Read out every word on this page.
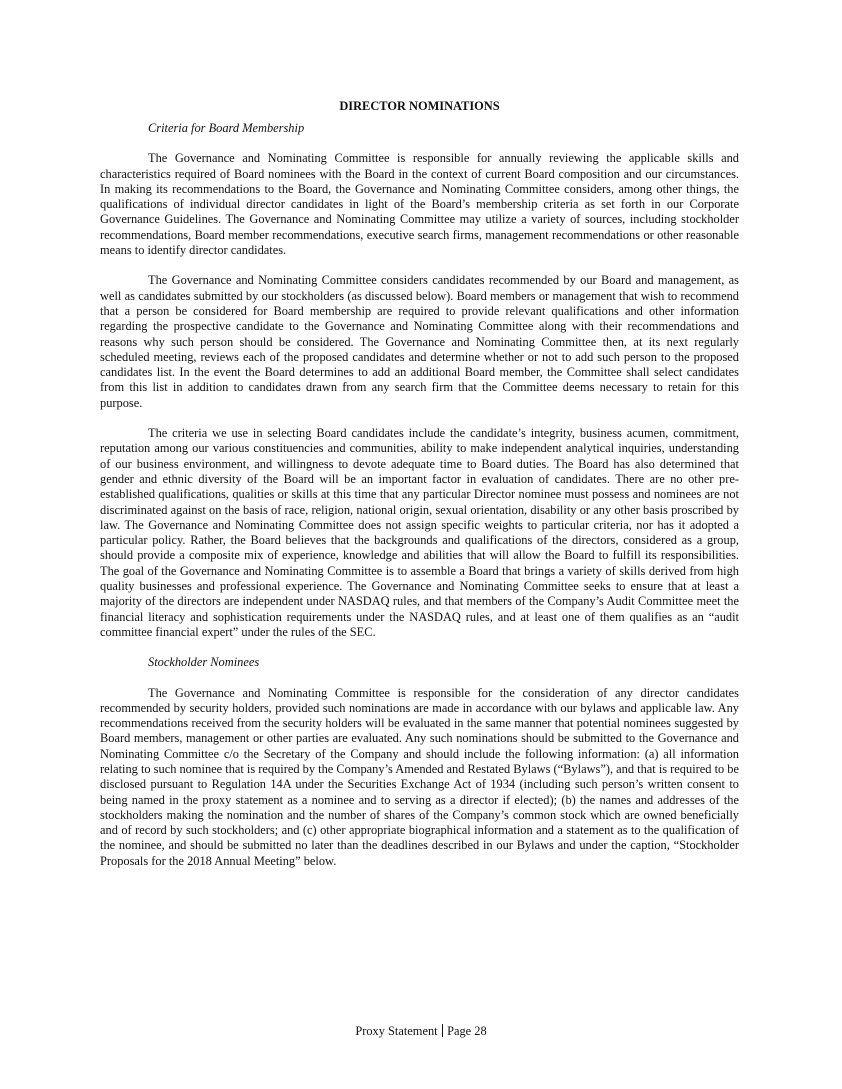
DIRECTOR NOMINATIONS
Criteria for Board Membership

The Governance and Nominating Committee is responsible for annually reviewing the applicable skills and characteristics required of Board nominees with the Board in the context of current Board composition and our circumstances. In making its recommendations to the Board, the Governance and Nominating Committee considers, among other things, the qualifications of individual director candidates in light of the Board’s membership criteria as set forth in our Corporate Governance Guidelines. The Governance and Nominating Committee may utilize a variety of sources, including stockholder recommendations, Board member recommendations, executive search firms, management recommendations or other reasonable means to identify director candidates.

The Governance and Nominating Committee considers candidates recommended by our Board and management, as well as candidates submitted by our stockholders (as discussed below). Board members or management that wish to recommend that a person be considered for Board membership are required to provide relevant qualifications and other information regarding the prospective candidate to the Governance and Nominating Committee along with their recommendations and reasons why such person should be considered. The Governance and Nominating Committee then, at its next regularly scheduled meeting, reviews each of the proposed candidates and determine whether or not to add such person to the proposed candidates list. In the event the Board determines to add an additional Board member, the Committee shall select candidates from this list in addition to candidates drawn from any search firm that the Committee deems necessary to retain for this purpose.

The criteria we use in selecting Board candidates include the candidate’s integrity, business acumen, commitment, reputation among our various constituencies and communities, ability to make independent analytical inquiries, understanding of our business environment, and willingness to devote adequate time to Board duties. The Board has also determined that gender and ethnic diversity of the Board will be an important factor in evaluation of candidates. There are no other pre-established qualifications, qualities or skills at this time that any particular Director nominee must possess and nominees are not discriminated against on the basis of race, religion, national origin, sexual orientation, disability or any other basis proscribed by law. The Governance and Nominating Committee does not assign specific weights to particular criteria, nor has it adopted a particular policy. Rather, the Board believes that the backgrounds and qualifications of the directors, considered as a group, should provide a composite mix of experience, knowledge and abilities that will allow the Board to fulfill its responsibilities. The goal of the Governance and Nominating Committee is to assemble a Board that brings a variety of skills derived from high quality businesses and professional experience. The Governance and Nominating Committee seeks to ensure that at least a majority of the directors are independent under NASDAQ rules, and that members of the Company’s Audit Committee meet the financial literacy and sophistication requirements under the NASDAQ rules, and at least one of them qualifies as an “audit committee financial expert” under the rules of the SEC.

Stockholder Nominees

The Governance and Nominating Committee is responsible for the consideration of any director candidates recommended by security holders, provided such nominations are made in accordance with our bylaws and applicable law. Any recommendations received from the security holders will be evaluated in the same manner that potential nominees suggested by Board members, management or other parties are evaluated. Any such nominations should be submitted to the Governance and Nominating Committee c/o the Secretary of the Company and should include the following information: (a) all information relating to such nominee that is required by the Company’s Amended and Restated Bylaws (“Bylaws”), and that is required to be disclosed pursuant to Regulation 14A under the Securities Exchange Act of 1934 (including such person’s written consent to being named in the proxy statement as a nominee and to serving as a director if elected); (b) the names and addresses of the stockholders making the nomination and the number of shares of the Company’s common stock which are owned beneficially and of record by such stockholders; and (c) other appropriate biographical information and a statement as to the qualification of the nominee, and should be submitted no later than the deadlines described in our Bylaws and under the caption, “Stockholder Proposals for the 2018 Annual Meeting” below.

Proxy Statement Page 28
